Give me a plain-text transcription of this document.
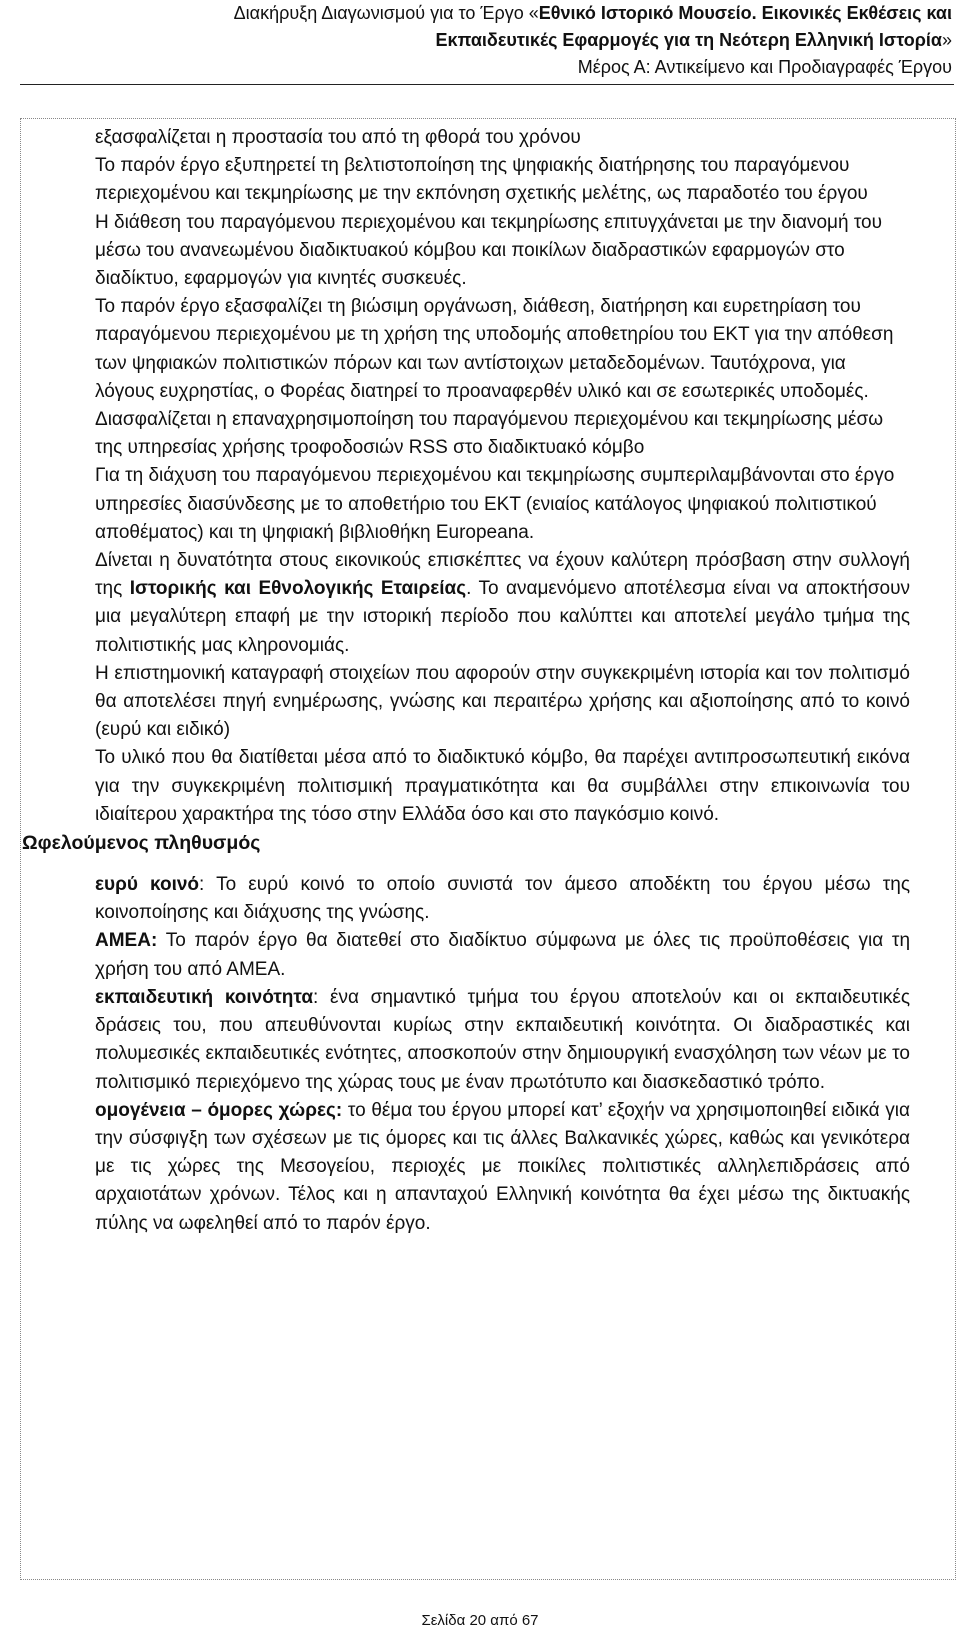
Διακήρυξη Διαγωνισμού για το Έργο «Εθνικό Ιστορικό Μουσείο. Εικονικές Εκθέσεις και
Εκπαιδευτικές Εφαρμογές για τη Νεότερη Ελληνική Ιστορία»
Μέρος Α: Αντικείμενο και Προδιαγραφές Έργου

εξασφαλίζεται η προστασία του από τη φθορά του χρόνου

Το παρόν έργο εξυπηρετεί τη βελτιστοποίηση της ψηφιακής διατήρησης του παραγόμενου περιεχομένου και τεκμηρίωσης με την εκπόνηση σχετικής μελέτης, ως παραδοτέο του έργου

Η διάθεση του παραγόμενου περιεχομένου και τεκμηρίωσης επιτυγχάνεται με την διανομή του μέσω του ανανεωμένου διαδικτυακού κόμβου και ποικίλων διαδραστικών εφαρμογών στο διαδίκτυο, εφαρμογών για κινητές συσκευές.

Το παρόν έργο εξασφαλίζει τη βιώσιμη οργάνωση, διάθεση, διατήρηση και ευρετηρίαση του παραγόμενου περιεχομένου με τη χρήση της υποδομής αποθετηρίου του ΕΚΤ για την απόθεση των ψηφιακών πολιτιστικών πόρων και των αντίστοιχων μεταδεδομένων. Ταυτόχρονα, για λόγους ευχρηστίας, ο Φορέας διατηρεί το προαναφερθέν υλικό και σε εσωτερικές υποδομές.

Διασφαλίζεται η επαναχρησιμοποίηση του παραγόμενου περιεχομένου και τεκμηρίωσης μέσω της υπηρεσίας χρήσης τροφοδοσιών RSS στο διαδικτυακό κόμβο

Για τη διάχυση του παραγόμενου περιεχομένου και τεκμηρίωσης συμπεριλαμβάνονται στο έργο υπηρεσίες διασύνδεσης με το αποθετήριο του ΕΚΤ (ενιαίος κατάλογος ψηφιακού πολιτιστικού αποθέματος) και τη ψηφιακή βιβλιοθήκη Europeana.

Δίνεται η δυνατότητα στους εικονικούς επισκέπτες να έχουν καλύτερη πρόσβαση στην συλλογή της Ιστορικής και Εθνολογικής Εταιρείας. Το αναμενόμενο αποτέλεσμα είναι να αποκτήσουν μια μεγαλύτερη επαφή με την ιστορική περίοδο που καλύπτει και αποτελεί μεγάλο τμήμα της πολιτιστικής μας κληρονομιάς.

Η επιστημονική καταγραφή στοιχείων που αφορούν στην συγκεκριμένη ιστορία και τον πολιτισμό θα αποτελέσει πηγή ενημέρωσης, γνώσης και περαιτέρω χρήσης και αξιοποίησης από το κοινό (ευρύ και ειδικό)

Το υλικό που θα διατίθεται μέσα από το διαδικτυκό κόμβο, θα παρέχει αντιπροσωπευτική εικόνα για την συγκεκριμένη πολιτισμική πραγματικότητα και θα συμβάλλει στην επικοινωνία του ιδιαίτερου χαρακτήρα της τόσο στην Ελλάδα όσο και στο παγκόσμιο κοινό.

Ωφελούμενος πληθυσμός

ευρύ κοινό: Το ευρύ κοινό το οποίο συνιστά τον άμεσο αποδέκτη του έργου μέσω της κοινοποίησης και διάχυσης της γνώσης.

ΑΜΕΑ: Το παρόν έργο θα διατεθεί στο διαδίκτυο σύμφωνα με όλες τις προϋποθέσεις για τη χρήση του από ΑΜΕΑ.

εκπαιδευτική κοινότητα: ένα σημαντικό τμήμα του έργου αποτελούν και οι εκπαιδευτικές δράσεις του, που απευθύνονται κυρίως στην εκπαιδευτική κοινότητα. Οι διαδραστικές και πολυμεσικές εκπαιδευτικές ενότητες, αποσκοπούν στην δημιουργική ενασχόληση των νέων με το πολιτισμικό περιεχόμενο της χώρας τους με έναν πρωτότυπο και διασκεδαστικό τρόπο.

ομογένεια – όμορες χώρες: το θέμα του έργου μπορεί κατ’ εξοχήν να χρησιμοποιηθεί ειδικά για την σύσφιγξη των σχέσεων με τις όμορες και τις άλλες Βαλκανικές χώρες, καθώς και γενικότερα με τις χώρες της Μεσογείου, περιοχές με ποικίλες πολιτιστικές αλληλεπιδράσεις από αρχαιοτάτων χρόνων. Τέλος και η απανταχού Ελληνική κοινότητα θα έχει μέσω της δικτυακής πύλης να ωφεληθεί από το παρόν έργο.

Σελίδα 20 από 67
